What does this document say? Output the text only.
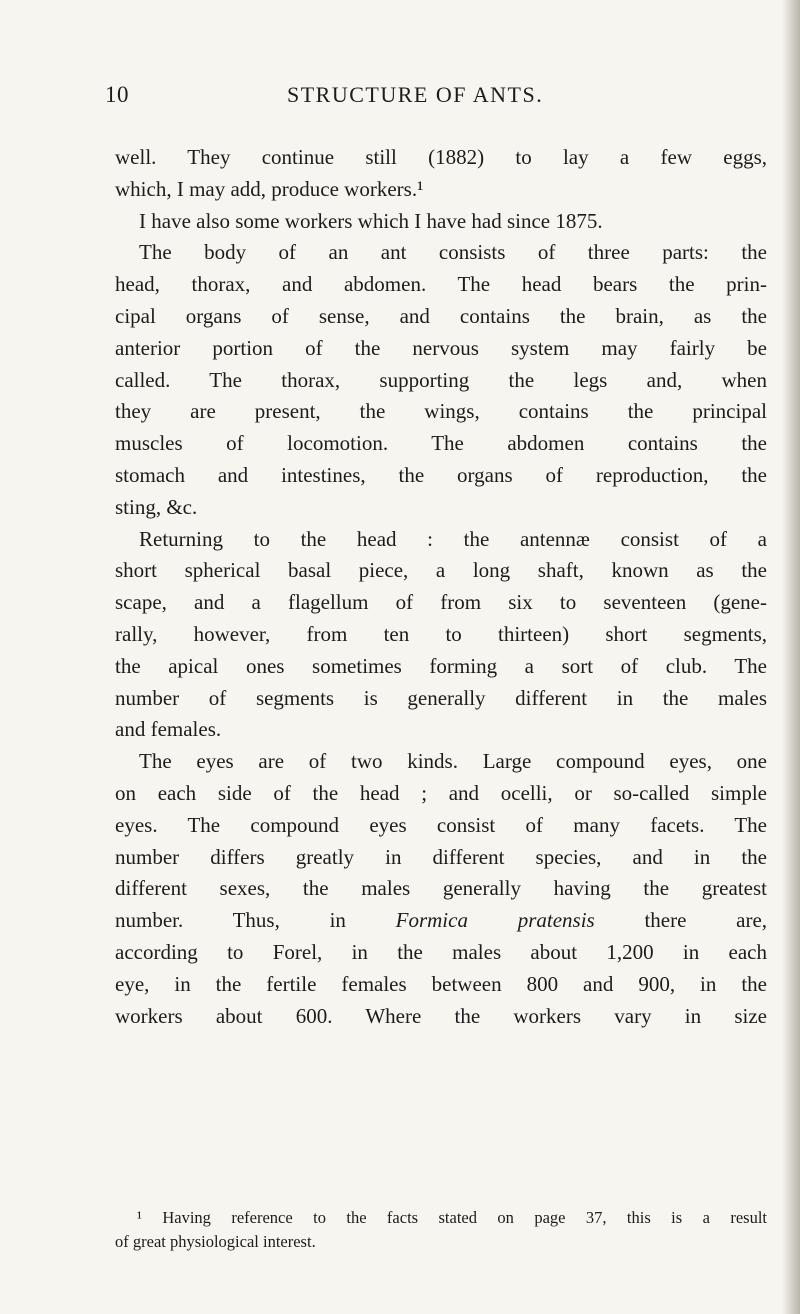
10	STRUCTURE OF ANTS.
well. They continue still (1882) to lay a few eggs,
which, I may add, produce workers.¹
I have also some workers which I have had since 1875.
The body of an ant consists of three parts: the
head, thorax, and abdomen. The head bears the prin-
cipal organs of sense, and contains the brain, as the
anterior portion of the nervous system may fairly be
called. The thorax, supporting the legs and, when
they are present, the wings, contains the principal
muscles of locomotion. The abdomen contains the
stomach and intestines, the organs of reproduction, the
sting, &c.
Returning to the head : the antennæ consist of a
short spherical basal piece, a long shaft, known as the
scape, and a flagellum of from six to seventeen (gene-
rally, however, from ten to thirteen) short segments,
the apical ones sometimes forming a sort of club. The
number of segments is generally different in the males
and females.
The eyes are of two kinds. Large compound eyes, one
on each side of the head ; and ocelli, or so-called simple
eyes. The compound eyes consist of many facets. The
number differs greatly in different species, and in the
different sexes, the males generally having the greatest
number. Thus, in Formica pratensis there are,
according to Forel, in the males about 1,200 in each
eye, in the fertile females between 800 and 900, in the
workers about 600. Where the workers vary in size
¹ Having reference to the facts stated on page 37, this is a result
of great physiological interest.
